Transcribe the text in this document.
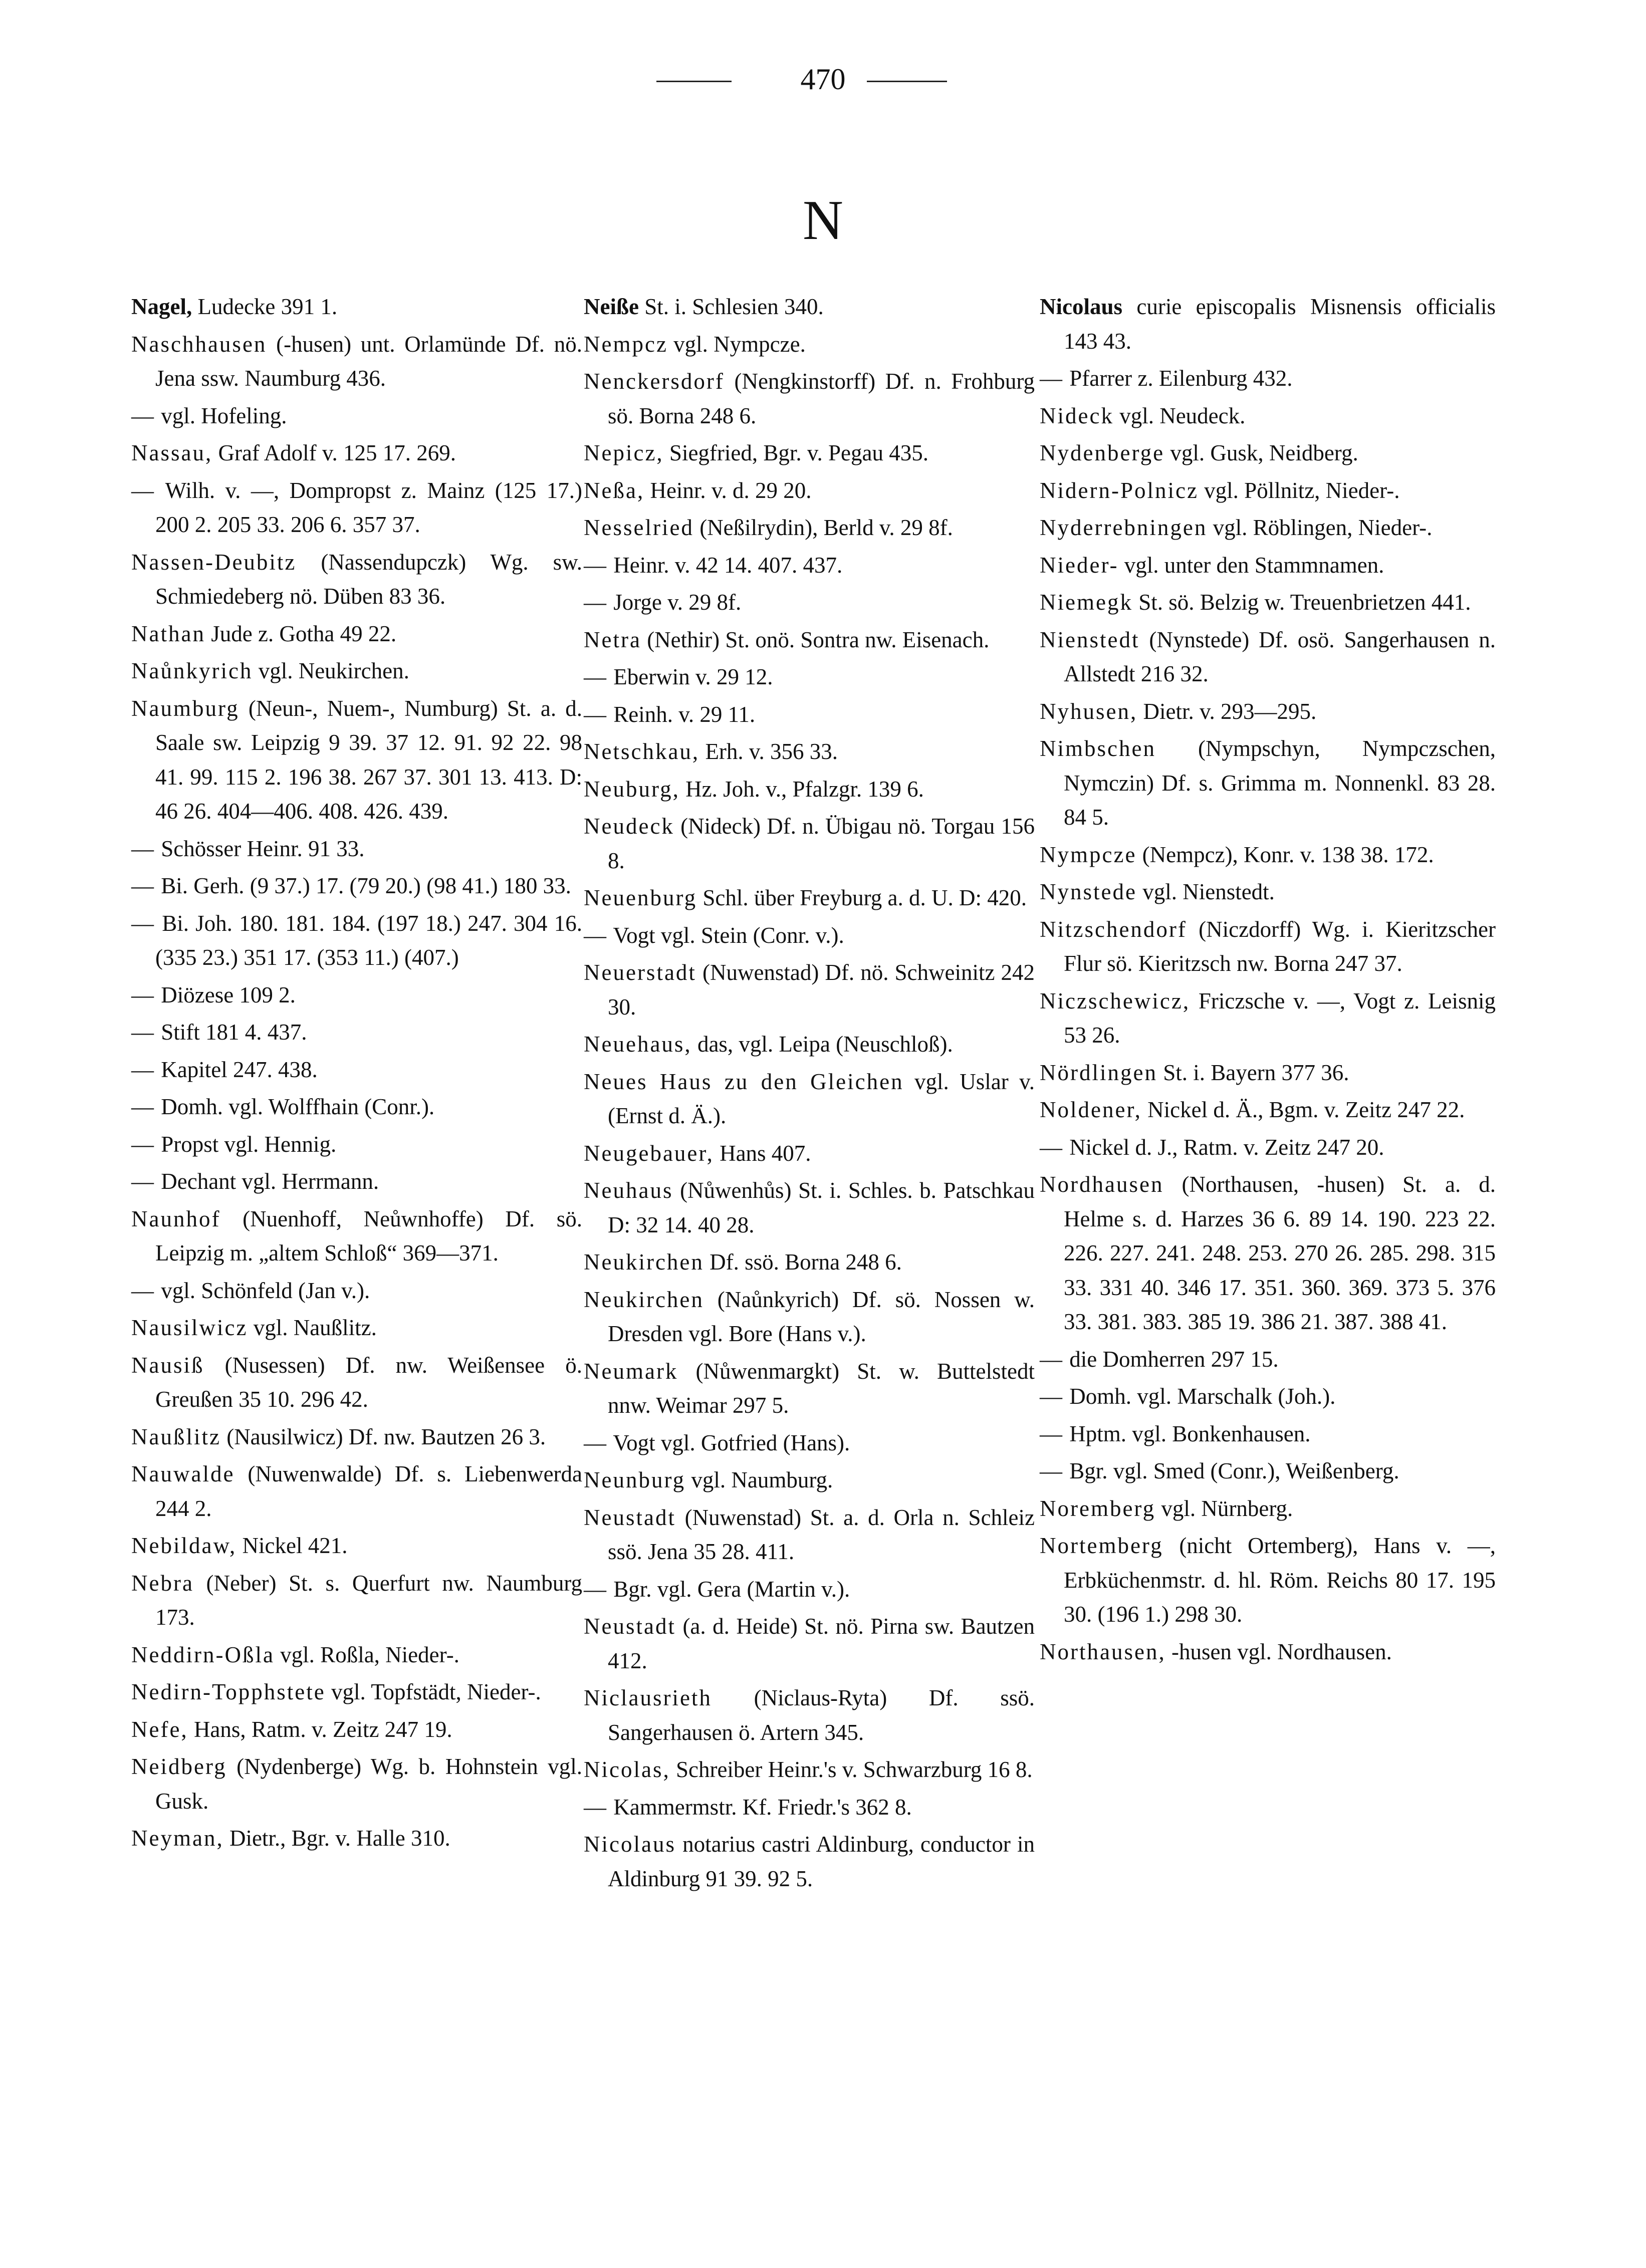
470
N
Nagel, Ludecke 391 1.
Naschhausen (-husen) unt. Orlamünde Df. nö. Jena ssw. Naumburg 436.
— vgl. Hofeling.
Nassau, Graf Adolf v. 125 17. 269.
— Wilh. v. —, Dompropst z. Mainz (125 17.) 200 2. 205 33. 206 6. 357 37.
Nassen-Deubitz (Nassendupczk) Wg. sw. Schmiedeberg nö. Düben 83 36.
Nathan Jude z. Gotha 49 22.
Naůnkyrich vgl. Neukirchen.
Naumburg (Neun-, Nuem-, Numburg) St. a. d. Saale sw. Leipzig 9 39. 37 12. 91. 92 22. 98 41. 99. 115 2. 196 38. 267 37. 301 13. 413. D: 46 26. 404—406. 408. 426. 439.
— Schösser Heinr. 91 33.
— Bi. Gerh. (9 37.) 17. (79 20.) (98 41.) 180 33.
— Bi. Joh. 180. 181. 184. (197 18.) 247. 304 16. (335 23.) 351 17. (353 11.) (407.)
— Diözese 109 2.
— Stift 181 4. 437.
— Kapitel 247. 438.
— Domh. vgl. Wolffhain (Conr.).
— Propst vgl. Hennig.
— Dechant vgl. Herrmann.
Naunhof (Nuenhoff, Neůwnhoffe) Df. sö. Leipzig m. „altem Schloß“ 369—371.
— vgl. Schönfeld (Jan v.).
Nausilwicz vgl. Naußlitz.
Nausiß (Nusessen) Df. nw. Weißensee ö. Greußen 35 10. 296 42.
Naußlitz (Nausilwicz) Df. nw. Bautzen 26 3.
Nauwalde (Nuwenwalde) Df. s. Liebenwerda 244 2.
Nebildaw, Nickel 421.
Nebra (Neber) St. s. Querfurt nw. Naumburg 173.
Neddirn-Oßla vgl. Roßla, Nieder-.
Nedirn-Topphstete vgl. Topfstädt, Nieder-.
Nefe, Hans, Ratm. v. Zeitz 247 19.
Neidberg (Nydenberge) Wg. b. Hohnstein vgl. Gusk.
Neyman, Dietr., Bgr. v. Halle 310.
Neiße St. i. Schlesien 340.
Nempcz vgl. Nympcze.
Nenckersdorf (Nengkinstorff) Df. n. Frohburg sö. Borna 248 6.
Nepicz, Siegfried, Bgr. v. Pegau 435.
Neßa, Heinr. v. d. 29 20.
Nesselried (Neßilrydin), Berld v. 29 8f.
— Heinr. v. 42 14. 407. 437.
— Jorge v. 29 8f.
Netra (Nethir) St. onö. Sontra nw. Eisenach.
— Eberwin v. 29 12.
— Reinh. v. 29 11.
Netschkau, Erh. v. 356 33.
Neuburg, Hz. Joh. v., Pfalzgr. 139 6.
Neudeck (Nideck) Df. n. Übigau nö. Torgau 156 8.
Neuenburg Schl. über Freyburg a. d. U. D: 420.
— Vogt vgl. Stein (Conr. v.).
Neuerstadt (Nuwenstad) Df. nö. Schweinitz 242 30.
Neuehaus, das, vgl. Leipa (Neuschloß).
Neues Haus zu den Gleichen vgl. Uslar v. (Ernst d. Ä.).
Neugebauer, Hans 407.
Neuhaus (Nůwenhůs) St. i. Schles. b. Patschkau D: 32 14. 40 28.
Neukirchen Df. ssö. Borna 248 6.
Neukirchen (Naůnkyrich) Df. sö. Nossen w. Dresden vgl. Bore (Hans v.).
Neumark (Nůwenmargkt) St. w. Buttelstedt nnw. Weimar 297 5.
— Vogt vgl. Gotfried (Hans).
Neunburg vgl. Naumburg.
Neustadt (Nuwenstad) St. a. d. Orla n. Schleiz ssö. Jena 35 28. 411.
— Bgr. vgl. Gera (Martin v.).
Neustadt (a. d. Heide) St. nö. Pirna sw. Bautzen 412.
Niclausrieth (Niclaus-Ryta) Df. ssö. Sangerhausen ö. Artern 345.
Nicolas, Schreiber Heinr.'s v. Schwarzburg 16 8.
— Kammermstr. Kf. Friedr.'s 362 8.
Nicolaus notarius castri Aldinburg, conductor in Aldinburg 91 39. 92 5.
Nicolaus curie episcopalis Misnensis officialis 143 43.
— Pfarrer z. Eilenburg 432.
Nideck vgl. Neudeck.
Nydenberge vgl. Gusk, Neidberg.
Nidern-Polnicz vgl. Pöllnitz, Nieder-.
Nyderrebningen vgl. Röblingen, Nieder-.
Nieder- vgl. unter den Stammnamen.
Niemegk St. sö. Belzig w. Treuenbrietzen 441.
Nienstedt (Nynstede) Df. osö. Sangerhausen n. Allstedt 216 32.
Nyhusen, Dietr. v. 293—295.
Nimbschen (Nympschyn, Nympczschen, Nymczin) Df. s. Grimma m. Nonnenkl. 83 28. 84 5.
Nympcze (Nempcz), Konr. v. 138 38. 172.
Nynstede vgl. Nienstedt.
Nitzschendorf (Niczdorff) Wg. i. Kieritzscher Flur sö. Kieritzsch nw. Borna 247 37.
Niczschewicz, Friczsche v. —, Vogt z. Leisnig 53 26.
Nördlingen St. i. Bayern 377 36.
Noldener, Nickel d. Ä., Bgm. v. Zeitz 247 22.
— Nickel d. J., Ratm. v. Zeitz 247 20.
Nordhausen (Northausen, -husen) St. a. d. Helme s. d. Harzes 36 6. 89 14. 190. 223 22. 226. 227. 241. 248. 253. 270 26. 285. 298. 315 33. 331 40. 346 17. 351. 360. 369. 373 5. 376 33. 381. 383. 385 19. 386 21. 387. 388 41.
— die Domherren 297 15.
— Domh. vgl. Marschalk (Joh.).
— Hptm. vgl. Bonkenhausen.
— Bgr. vgl. Smed (Conr.), Weißenberg.
Noremberg vgl. Nürnberg.
Nortemberg (nicht Ortemberg), Hans v. —, Erbküchenmstr. d. hl. Röm. Reichs 80 17. 195 30. (196 1.) 298 30.
Northausen, -husen vgl. Nordhausen.
